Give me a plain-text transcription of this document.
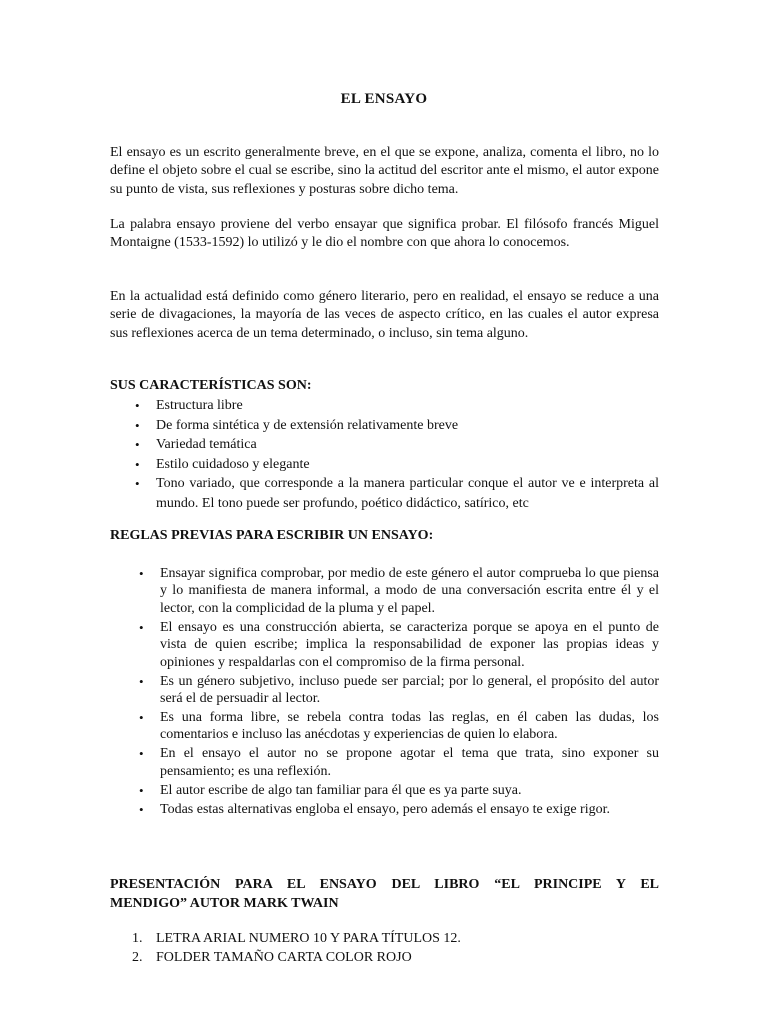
EL ENSAYO

El ensayo es un escrito generalmente breve, en el que se expone, analiza, comenta el libro, no lo define el objeto sobre el cual se escribe, sino la actitud del escritor ante el mismo, el autor expone su punto de vista, sus reflexiones y posturas sobre dicho tema.

La palabra ensayo proviene del verbo ensayar que significa probar. El filósofo francés Miguel Montaigne (1533-1592) lo utilizó y le dio el nombre con que ahora lo conocemos.

En la actualidad está definido como género literario, pero en realidad, el ensayo se reduce a una serie de divagaciones, la mayoría de las veces de aspecto crítico, en las cuales el autor expresa sus reflexiones acerca de un tema determinado, o incluso, sin tema alguno.

SUS CARACTERÍSTICAS SON:

• Estructura libre
• De forma sintética y de extensión relativamente breve
• Variedad temática
• Estilo cuidadoso y elegante
• Tono variado, que corresponde a la manera particular conque el autor ve e interpreta al mundo. El tono puede ser profundo, poético didáctico, satírico, etc

REGLAS PREVIAS PARA ESCRIBIR UN ENSAYO:

• Ensayar significa comprobar, por medio de este género el autor comprueba lo que piensa y lo manifiesta de manera informal, a modo de una conversación escrita entre él y el lector, con la complicidad de la pluma y el papel.
• El ensayo es una construcción abierta, se caracteriza porque se apoya en el punto de vista de quien escribe; implica la responsabilidad de exponer las propias ideas y opiniones y respaldarlas con el compromiso de la firma personal.
• Es un género subjetivo, incluso puede ser parcial; por lo general, el propósito del autor será el de persuadir al lector.
• Es una forma libre, se rebela contra todas las reglas, en él caben las dudas, los comentarios e incluso las anécdotas y experiencias de quien lo elabora.
• En el ensayo el autor no se propone agotar el tema que trata, sino exponer su pensamiento; es una reflexión.
• El autor escribe de algo tan familiar para él que es ya parte suya.
• Todas estas alternativas engloba el ensayo, pero además el ensayo te exige rigor.

PRESENTACIÓN PARA EL ENSAYO DEL LIBRO “EL PRINCIPE Y EL
MENDIGO” AUTOR MARK TWAIN

1. LETRA ARIAL NUMERO 10 Y PARA TÍTULOS 12.
2. FOLDER TAMAÑO CARTA COLOR ROJO
